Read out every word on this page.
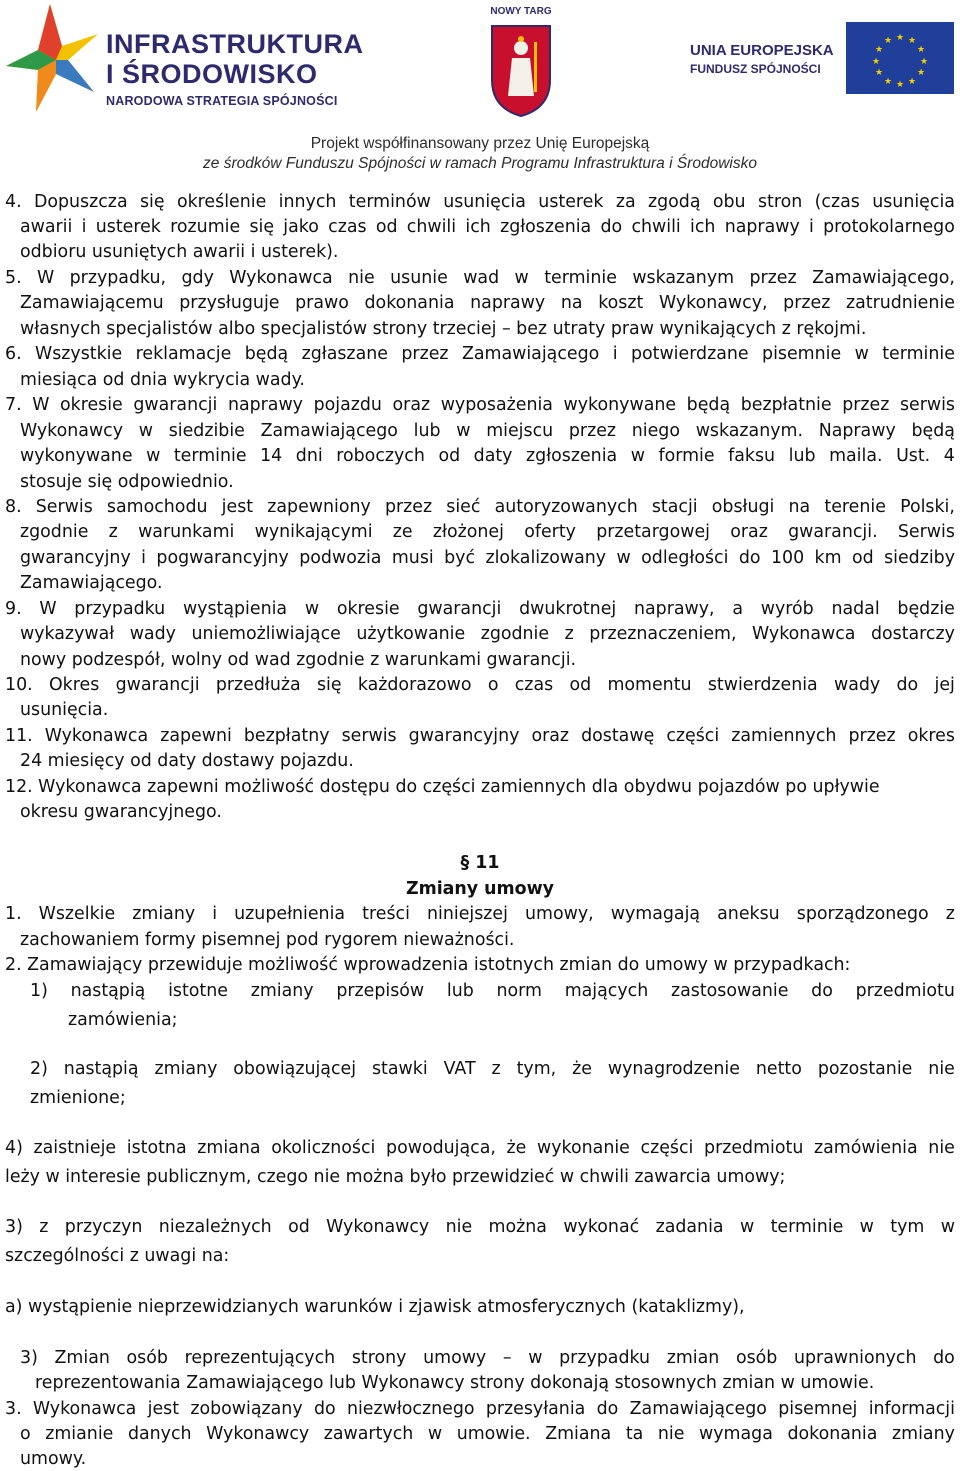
INFRASTRUKTURA
I ŚRODOWISKO
NARODOWA STRATEGIA SPÓJNOŚCI
NOWY TARG
UNIA EUROPEJSKA
FUNDUSZ SPÓJNOŚCI
★ ★
★
★
★
★
★
★
★
★
★
★
Projekt współfinansowany przez Unię Europejską
ze środków Funduszu Spójności w ramach Programu Infrastruktura i Środowisko
4. Dopuszcza się określenie innych terminów usunięcia usterek za zgodą obu stron (czas usunięcia
awarii i usterek rozumie się jako czas od chwili ich zgłoszenia do chwili ich naprawy i protokolarnego
odbioru usuniętych awarii i usterek).
5. W przypadku, gdy Wykonawca nie usunie wad w terminie wskazanym przez Zamawiającego,
Zamawiającemu przysługuje prawo dokonania naprawy na koszt Wykonawcy, przez zatrudnienie
własnych specjalistów albo specjalistów strony trzeciej – bez utraty praw wynikających z rękojmi.
6. Wszystkie reklamacje będą zgłaszane przez Zamawiającego i potwierdzane pisemnie w terminie
miesiąca od dnia wykrycia wady.
7. W okresie gwarancji naprawy pojazdu oraz wyposażenia wykonywane będą bezpłatnie przez serwis
Wykonawcy w siedzibie Zamawiającego lub w miejscu przez niego wskazanym. Naprawy będą
wykonywane w terminie 14 dni roboczych od daty zgłoszenia w formie faksu lub maila. Ust. 4
stosuje się odpowiednio.
8. Serwis samochodu jest zapewniony przez sieć autoryzowanych stacji obsługi na terenie Polski,
zgodnie z warunkami wynikającymi ze złożonej oferty przetargowej oraz gwarancji. Serwis
gwarancyjny i pogwarancyjny podwozia musi być zlokalizowany w odległości do 100 km od siedziby
Zamawiającego.
9. W przypadku wystąpienia w okresie gwarancji dwukrotnej naprawy, a wyrób nadal będzie
wykazywał wady uniemożliwiające użytkowanie zgodnie z przeznaczeniem, Wykonawca dostarczy
nowy podzespół, wolny od wad zgodnie z warunkami gwarancji.
10. Okres gwarancji przedłuża się każdorazowo o czas od momentu stwierdzenia wady do jej
usunięcia.
11. Wykonawca zapewni bezpłatny serwis gwarancyjny oraz dostawę części zamiennych przez okres
24 miesięcy od daty dostawy pojazdu.
12. Wykonawca zapewni możliwość dostępu do części zamiennych dla obydwu pojazdów po upływie
okresu gwarancyjnego.
§ 11
Zmiany umowy
1. Wszelkie zmiany i uzupełnienia treści niniejszej umowy, wymagają aneksu sporządzonego z
zachowaniem formy pisemnej pod rygorem nieważności.
2. Zamawiający przewiduje możliwość wprowadzenia istotnych zmian do umowy w przypadkach:
1) nastąpią istotne zmiany przepisów lub norm mających zastosowanie do przedmiotu
zamówienia;
2) nastąpią zmiany obowiązującej stawki VAT z tym, że wynagrodzenie netto pozostanie nie
zmienione;
4) zaistnieje istotna zmiana okoliczności powodująca, że wykonanie części przedmiotu zamówienia nie
leży w interesie publicznym, czego nie można było przewidzieć w chwili zawarcia umowy;
3) z przyczyn niezależnych od Wykonawcy nie można wykonać zadania w terminie w tym w
szczególności z uwagi na:
a) wystąpienie nieprzewidzianych warunków i zjawisk atmosferycznych (kataklizmy),
3) Zmian osób reprezentujących strony umowy – w przypadku zmian osób uprawnionych do
reprezentowania Zamawiającego lub Wykonawcy strony dokonają stosownych zmian w umowie.
3. Wykonawca jest zobowiązany do niezwłocznego przesyłania do Zamawiającego pisemnej informacji
o zmianie danych Wykonawcy zawartych w umowie. Zmiana ta nie wymaga dokonania zmiany
umowy.
